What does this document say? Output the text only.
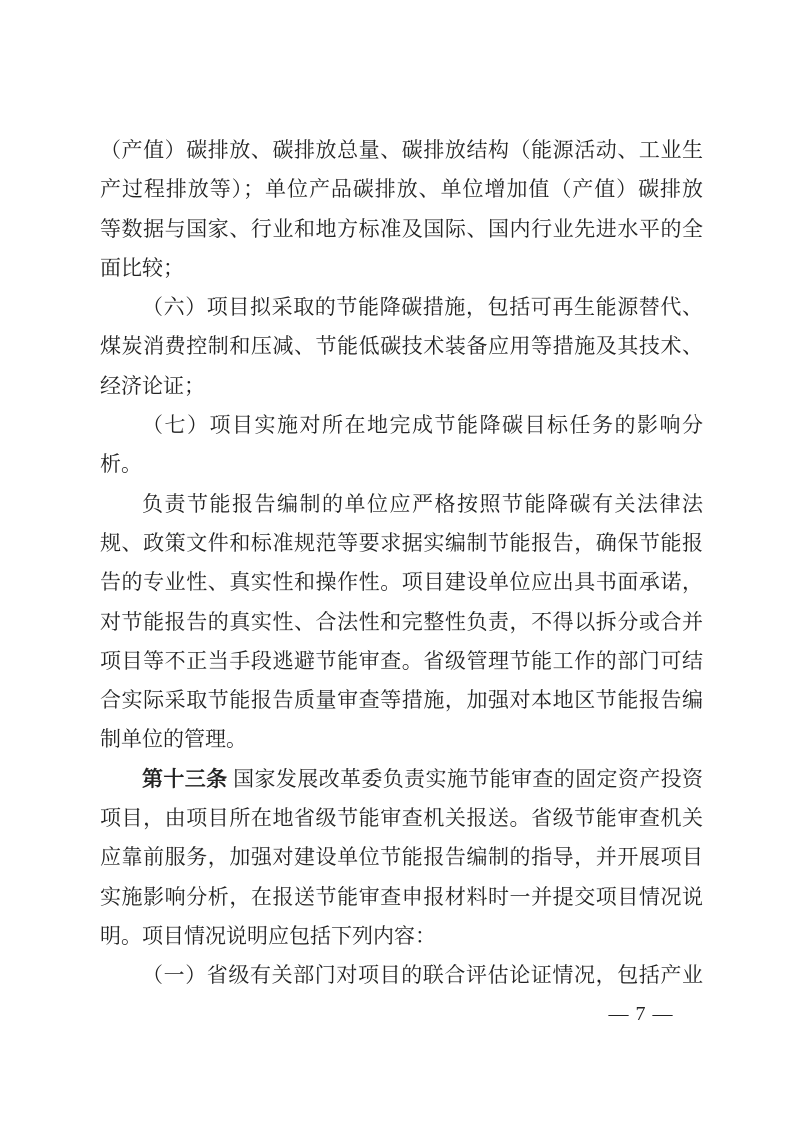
（产值）碳排放、碳排放总量、碳排放结构（能源活动、工业生
产过程排放等）；单位产品碳排放、单位增加值（产值）碳排放
等数据与国家、行业和地方标准及国际、国内行业先进水平的全
面比较；
（六）项目拟采取的节能降碳措施，包括可再生能源替代、
煤炭消费控制和压减、节能低碳技术装备应用等措施及其技术、
经济论证；
（七）项目实施对所在地完成节能降碳目标任务的影响分
析。
负责节能报告编制的单位应严格按照节能降碳有关法律法
规、政策文件和标准规范等要求据实编制节能报告，确保节能报
告的专业性、真实性和操作性。项目建设单位应出具书面承诺，
对节能报告的真实性、合法性和完整性负责，不得以拆分或合并
项目等不正当手段逃避节能审查。省级管理节能工作的部门可结
合实际采取节能报告质量审查等措施，加强对本地区节能报告编
制单位的管理。
第十三条 国家发展改革委负责实施节能审查的固定资产投资
项目，由项目所在地省级节能审查机关报送。省级节能审查机关
应靠前服务，加强对建设单位节能报告编制的指导，并开展项目
实施影响分析，在报送节能审查申报材料时一并提交项目情况说
明。项目情况说明应包括下列内容：
（一）省级有关部门对项目的联合评估论证情况，包括产业
— 7 —
